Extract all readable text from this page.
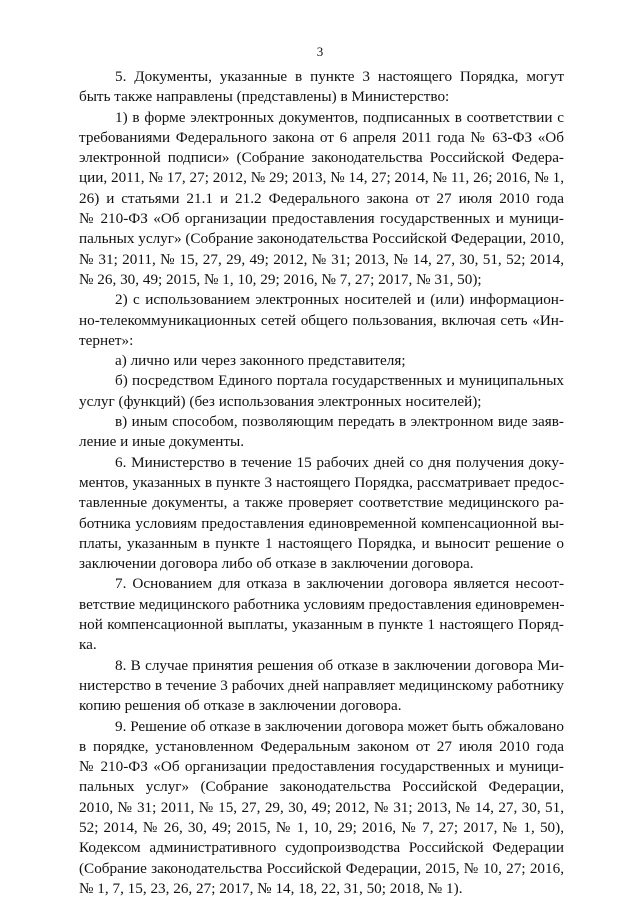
3

5. Документы, указанные в пункте 3 настоящего Порядка, могут
быть также направлены (представлены) в Министерство:

1) в форме электронных документов, подписанных в соответствии с
требованиями Федерального закона от 6 апреля 2011 года № 63-ФЗ «Об
электронной подписи» (Собрание законодательства Российской Федера-
ции, 2011, № 17, 27; 2012, № 29; 2013, № 14, 27; 2014, № 11, 26; 2016, № 1,
26) и статьями 21.1 и 21.2 Федерального закона от 27 июля 2010 года
№ 210-ФЗ «Об организации предоставления государственных и муници-
пальных услуг» (Собрание законодательства Российской Федерации, 2010,
№ 31; 2011, № 15, 27, 29, 49; 2012, № 31; 2013, № 14, 27, 30, 51, 52; 2014,
№ 26, 30, 49; 2015, № 1, 10, 29; 2016, № 7, 27; 2017, № 31, 50);

2) с использованием электронных носителей и (или) информацион-
но-телекоммуникационных сетей общего пользования, включая сеть «Ин-
тернет»:

а) лично или через законного представителя;

б) посредством Единого портала государственных и муниципальных
услуг (функций) (без использования электронных носителей);

в) иным способом, позволяющим передать в электронном виде заяв-
ление и иные документы.

6. Министерство в течение 15 рабочих дней со дня получения доку-
ментов, указанных в пункте 3 настоящего Порядка, рассматривает предос-
тавленные документы, а также проверяет соответствие медицинского ра-
ботника условиям предоставления единовременной компенсационной вы-
платы, указанным в пункте 1 настоящего Порядка, и выносит решение о
заключении договора либо об отказе в заключении договора.

7. Основанием для отказа в заключении договора является несоот-
ветствие медицинского работника условиям предоставления единовремен-
ной компенсационной выплаты, указанным в пункте 1 настоящего Поряд-
ка.

8. В случае принятия решения об отказе в заключении договора Ми-
нистерство в течение 3 рабочих дней направляет медицинскому работнику
копию решения об отказе в заключении договора.

9. Решение об отказе в заключении договора может быть обжаловано
в порядке, установленном Федеральным законом от 27 июля 2010 года
№ 210-ФЗ «Об организации предоставления государственных и муници-
пальных услуг» (Собрание законодательства Российской Федерации,
2010, № 31; 2011, № 15, 27, 29, 30, 49; 2012, № 31; 2013, № 14, 27, 30, 51,
52; 2014, № 26, 30, 49; 2015, № 1, 10, 29; 2016, № 7, 27; 2017, № 1, 50),
Кодексом административного судопроизводства Российской Федерации
(Собрание законодательства Российской Федерации, 2015, № 10, 27; 2016,
№ 1, 7, 15, 23, 26, 27; 2017, № 14, 18, 22, 31, 50; 2018, № 1).
